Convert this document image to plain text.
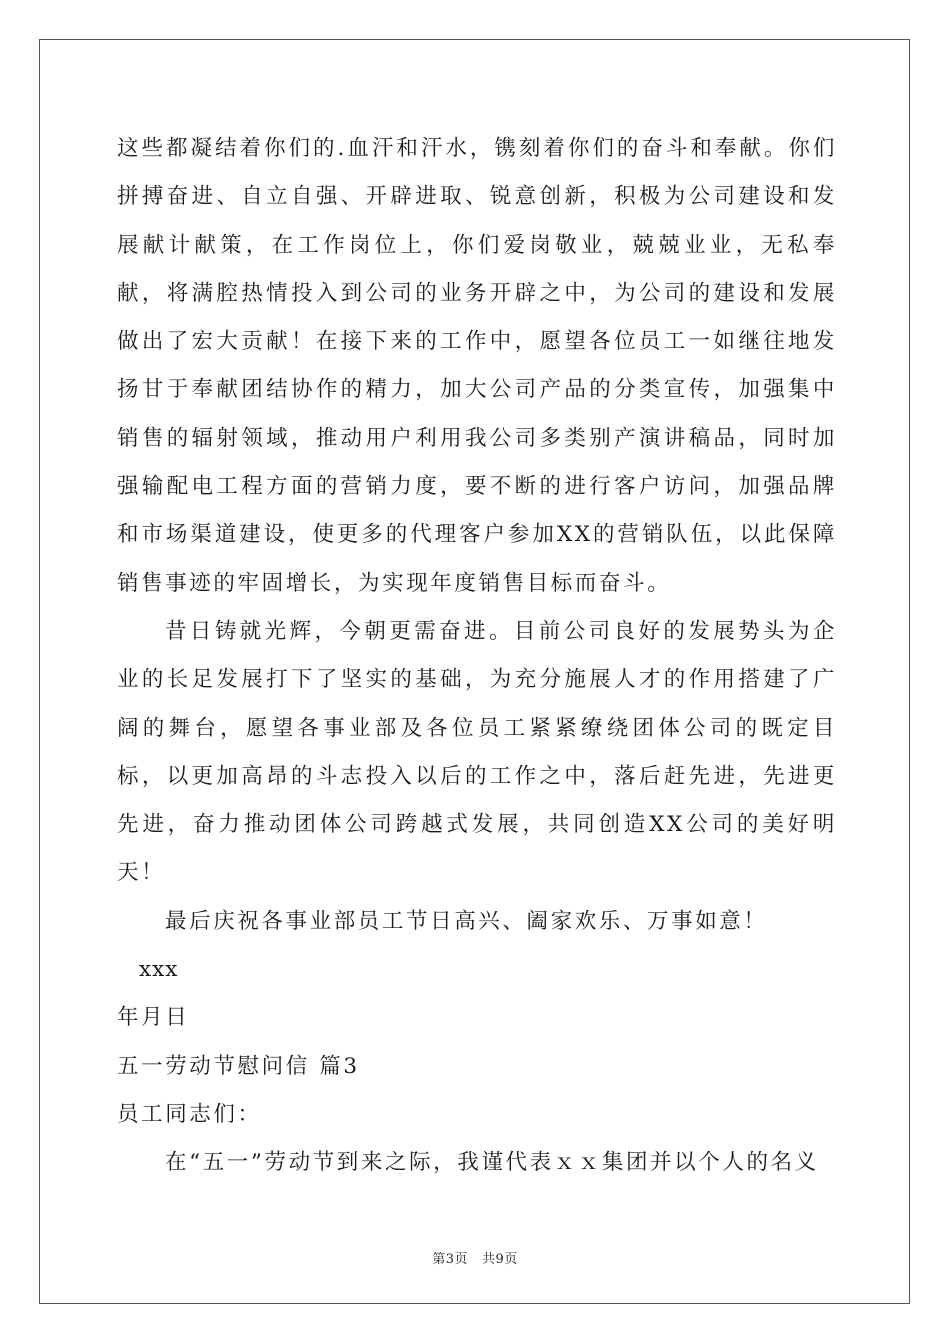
这些都凝结着你们的.血汗和汗水，镌刻着你们的奋斗和奉献。你们拼搏奋进、自立自强、开辟进取、锐意创新，积极为公司建设和发展献计献策，在工作岗位上，你们爱岗敬业，兢兢业业，无私奉献，将满腔热情投入到公司的业务开辟之中，为公司的建设和发展做出了宏大贡献！在接下来的工作中，愿望各位员工一如继往地发扬甘于奉献团结协作的精力，加大公司产品的分类宣传，加强集中销售的辐射领域，推动用户利用我公司多类别产演讲稿品，同时加强输配电工程方面的营销力度，要不断的进行客户访问，加强品牌和市场渠道建设，使更多的代理客户参加XX的营销队伍，以此保障销售事迹的牢固增长，为实现年度销售目标而奋斗。

昔日铸就光辉，今朝更需奋进。目前公司良好的发展势头为企业的长足发展打下了坚实的基础，为充分施展人才的作用搭建了广阔的舞台，愿望各事业部及各位员工紧紧缭绕团体公司的既定目标，以更加高昂的斗志投入以后的工作之中，落后赶先进，先进更先进，奋力推动团体公司跨越式发展，共同创造XX公司的美好明天！

最后庆祝各事业部员工节日高兴、阖家欢乐、万事如意！

xxx

年月日

五一劳动节慰问信 篇3

员工同志们：

在“五一”劳动节到来之际，我谨代表ｘｘ集团并以个人的名义

第3页 共9页
